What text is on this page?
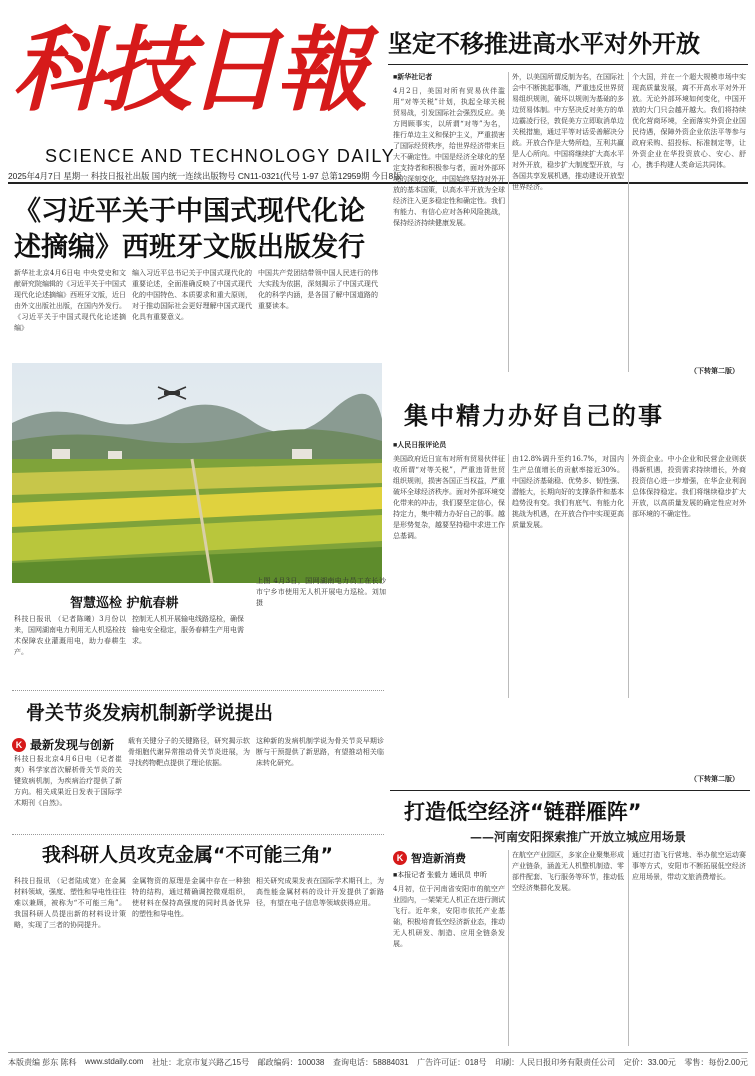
科技日報
SCIENCE AND TECHNOLOGY DAILY
2025年4月7日 星期一 科技日报社出版 国内统一连续出版物号 CN11-0321(代号 1-97 总第12959期 今日8版
坚定不移推进高水平对外开放
■新华社记者
4月2日，美国对所有贸易伙伴滥用“对等关税”计划，执起全球关税贸易战，引发国际社会强烈反应。美方罔顾事实，以所谓“对等”为名，推行单边主义和保护主义，严重损害了国际经贸秩序，给世界经济带来巨大不确定性。中国是经济全球化的坚定支持者和积极参与者，面对外部环境的深刻变化，中国始终坚持对外开放的基本国策，以高水平开放为全球经济注入更多稳定性和确定性。我们有能力、有信心应对各种风险挑战，保持经济持续健康发展。
外，以美国所谓反制为名，在国际社会中不断挑起事端，严重违反世界贸易组织规则，破坏以规则为基础的多边贸易体制。中方坚决反对美方的单边霸凌行径，敦促美方立即取消单边关税措施，通过平等对话妥善解决分歧。开放合作是大势所趋，互利共赢是人心所向。中国将继续扩大高水平对外开放，稳步扩大制度型开放，与各国共享发展机遇，推动建设开放型世界经济。
个大国，并在一个超大规模市场中实现高质量发展，离不开高水平对外开放。无论外部环境如何变化，中国开放的大门只会越开越大。我们将持续优化营商环境，全面落实外资企业国民待遇，保障外资企业依法平等参与政府采购、招投标、标准制定等，让外资企业在华投资放心、安心、舒心，携手构建人类命运共同体。
（下转第二版）
《习近平关于中国式现代化论述摘编》西班牙文版出版发行
新华社北京4月6日电 中央党史和文献研究院编辑的《习近平关于中国式现代化论述摘编》西班牙文版，近日由外文出版社出版，在国内外发行。《习近平关于中国式现代化论述摘编》
编入习近平总书记关于中国式现代化的重要论述，全面准确反映了中国式现代化的中国特色、本质要求和重大原则，对于推动国际社会更好理解中国式现代化具有重要意义。
中国共产党团结带领中国人民进行的伟大实践为依据，深刻揭示了中国式现代化的科学内涵，是各国了解中国道路的重要读本。
智慧巡检 护航春耕
科技日报讯 （记者陈曦）3月份以来，国网湖南电力利用无人机巡检技术保障农业灌溉用电，助力春耕生产。
控制无人机开展输电线路巡检，确保输电安全稳定，服务春耕生产用电需求。
上图 4月3日，国网湖南电力员工在长沙市宁乡市使用无人机开展电力巡检。刘加 摄
集中精力办好自己的事
■人民日报评论员
美国政府近日宣布对所有贸易伙伴征收所谓“对等关税”，严重违背世贸组织规则，损害各国正当权益，严重破坏全球经济秩序。面对外部环境变化带来的冲击，我们要坚定信心，保持定力，集中精力办好自己的事。越是形势复杂，越要坚持稳中求进工作总基调。
由12.8%调升至约16.7%，对国内生产总值增长的贡献率接近30%。中国经济基础稳、优势多、韧性强、潜能大，长期向好的支撑条件和基本趋势没有变。我们有底气、有能力化挑战为机遇，在开放合作中实现更高质量发展。
外资企业。中小企业和民营企业则获得新机遇，投资需求持续增长，外商投资信心进一步增强，在华企业利润总体保持稳定。我们将继续稳步扩大开放，以高质量发展的确定性应对外部环境的不确定性。
（下转第二版）
骨关节炎发病机制新学说提出
K 最新发现与创新
科技日报北京4月6日电（记者崔爽）科学家首次解析骨关节炎的关键致病机制，为疾病治疗提供了新方向。相关成果近日发表于国际学术期刊《自然》。
载有关键分子的关键路径，研究揭示软骨细胞代谢异常推动骨关节炎进展，为寻找药物靶点提供了理论依据。
这种新的发病机制学说为骨关节炎早期诊断与干预提供了新思路，有望推动相关临床转化研究。
我科研人员攻克金属“不可能三角”
科技日报讯 （记者陆成宽）在金属材料领域，强度、塑性和导电性往往难以兼顾，被称为“不可能三角”。我国科研人员提出新的材料设计策略，实现了三者的协同提升。
金属物资的原理是金属中存在一种独特的结构，通过精确调控微观组织，使材料在保持高强度的同时具备优异的塑性和导电性。
相关研究成果发表在国际学术期刊上，为高性能金属材料的设计开发提供了新路径，有望在电子信息等领域获得应用。
打造低空经济“链群雁阵”
——河南安阳探索推广开放立城应用场景
K 智造新消费
■本报记者 张毅力 通讯员 申昕
4月初，位于河南省安阳市的航空产业园内，一架架无人机正在进行测试飞行。近年来，安阳市依托产业基础，积极培育低空经济新业态，推动无人机研发、制造、应用全链条发展。
在航空产业园区，多家企业聚集形成产业链条，涵盖无人机整机制造、零部件配套、飞行服务等环节，推动低空经济集群化发展。
通过打造飞行营地、举办航空运动赛事等方式，安阳市不断拓展低空经济应用场景，带动文旅消费增长。
本版责编 彭东 陈科 www.stdaily.com 社址：北京市复兴路乙15号 邮政编码：100038 查询电话：58884031 广告许可证：018号 印刷：人民日报印务有限责任公司 定价：33.00元 零售：每份2.00元
